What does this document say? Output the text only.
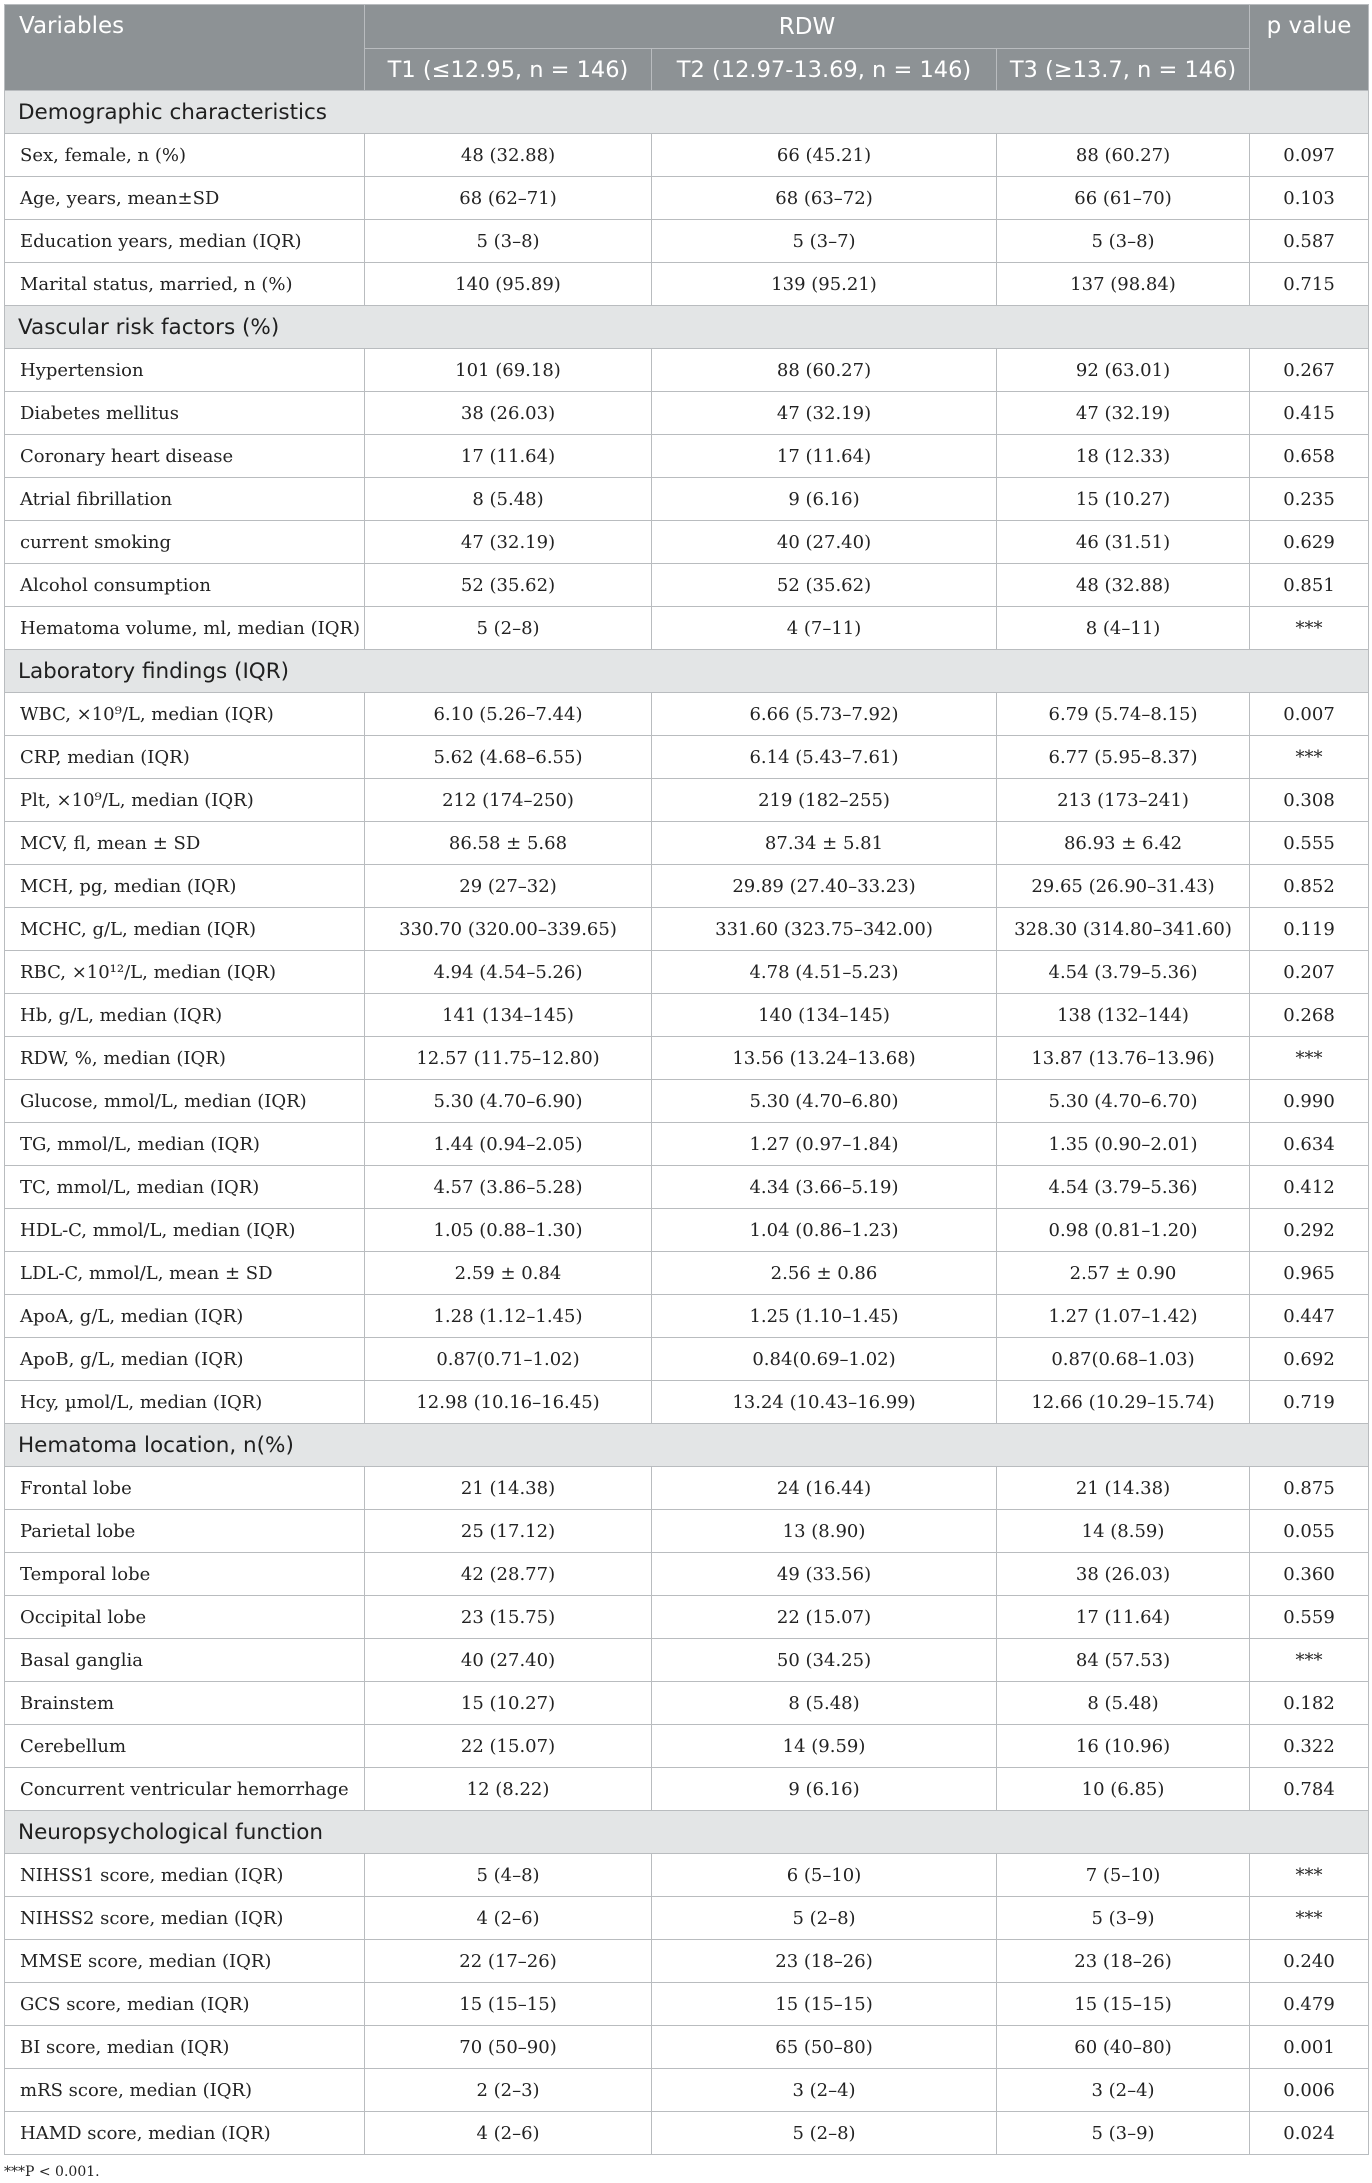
Variables	RDW			p value
	T1 (≤12.95, n = 146)	T2 (12.97-13.69, n = 146)	T3 (≥13.7, n = 146)	
Demographic characteristics				
Sex, female, n (%)	48 (32.88)	66 (45.21)	88 (60.27)	0.097
Age, years, mean±SD	68 (62–71)	68 (63–72)	66 (61–70)	0.103
Education years, median (IQR)	5 (3–8)	5 (3–7)	5 (3–8)	0.587
Marital status, married, n (%)	140 (95.89)	139 (95.21)	137 (98.84)	0.715
Vascular risk factors (%)				
Hypertension	101 (69.18)	88 (60.27)	92 (63.01)	0.267
Diabetes mellitus	38 (26.03)	47 (32.19)	47 (32.19)	0.415
Coronary heart disease	17 (11.64)	17 (11.64)	18 (12.33)	0.658
Atrial fibrillation	8 (5.48)	9 (6.16)	15 (10.27)	0.235
current smoking	47 (32.19)	40 (27.40)	46 (31.51)	0.629
Alcohol consumption	52 (35.62)	52 (35.62)	48 (32.88)	0.851
Hematoma volume, ml, median (IQR)	5 (2–8)	4 (7–11)	8 (4–11)	***
Laboratory findings (IQR)				
WBC, ×10⁹/L, median (IQR)	6.10 (5.26–7.44)	6.66 (5.73–7.92)	6.79 (5.74–8.15)	0.007
CRP, median (IQR)	5.62 (4.68–6.55)	6.14 (5.43–7.61)	6.77 (5.95–8.37)	***
Plt, ×10⁹/L, median (IQR)	212 (174–250)	219 (182–255)	213 (173–241)	0.308
MCV, fl, mean ± SD	86.58 ± 5.68	87.34 ± 5.81	86.93 ± 6.42	0.555
MCH, pg, median (IQR)	29 (27–32)	29.89 (27.40–33.23)	29.65 (26.90–31.43)	0.852
MCHC, g/L, median (IQR)	330.70 (320.00–339.65)	331.60 (323.75–342.00)	328.30 (314.80–341.60)	0.119
RBC, ×10¹²/L, median (IQR)	4.94 (4.54–5.26)	4.78 (4.51–5.23)	4.54 (3.79–5.36)	0.207
Hb, g/L, median (IQR)	141 (134–145)	140 (134–145)	138 (132–144)	0.268
RDW, %, median (IQR)	12.57 (11.75–12.80)	13.56 (13.24–13.68)	13.87 (13.76–13.96)	***
Glucose, mmol/L, median (IQR)	5.30 (4.70–6.90)	5.30 (4.70–6.80)	5.30 (4.70–6.70)	0.990
TG, mmol/L, median (IQR)	1.44 (0.94–2.05)	1.27 (0.97–1.84)	1.35 (0.90–2.01)	0.634
TC, mmol/L, median (IQR)	4.57 (3.86–5.28)	4.34 (3.66–5.19)	4.54 (3.79–5.36)	0.412
HDL-C, mmol/L, median (IQR)	1.05 (0.88–1.30)	1.04 (0.86–1.23)	0.98 (0.81–1.20)	0.292
LDL-C, mmol/L, mean ± SD	2.59 ± 0.84	2.56 ± 0.86	2.57 ± 0.90	0.965
ApoA, g/L, median (IQR)	1.28 (1.12–1.45)	1.25 (1.10–1.45)	1.27 (1.07–1.42)	0.447
ApoB, g/L, median (IQR)	0.87(0.71–1.02)	0.84(0.69–1.02)	0.87(0.68–1.03)	0.692
Hcy, µmol/L, median (IQR)	12.98 (10.16–16.45)	13.24 (10.43–16.99)	12.66 (10.29–15.74)	0.719
Hematoma location, n(%)				
Frontal lobe	21 (14.38)	24 (16.44)	21 (14.38)	0.875
Parietal lobe	25 (17.12)	13 (8.90)	14 (8.59)	0.055
Temporal lobe	42 (28.77)	49 (33.56)	38 (26.03)	0.360
Occipital lobe	23 (15.75)	22 (15.07)	17 (11.64)	0.559
Basal ganglia	40 (27.40)	50 (34.25)	84 (57.53)	***
Brainstem	15 (10.27)	8 (5.48)	8 (5.48)	0.182
Cerebellum	22 (15.07)	14 (9.59)	16 (10.96)	0.322
Concurrent ventricular hemorrhage	12 (8.22)	9 (6.16)	10 (6.85)	0.784
Neuropsychological function				
NIHSS1 score, median (IQR)	5 (4–8)	6 (5–10)	7 (5–10)	***
NIHSS2 score, median (IQR)	4 (2–6)	5 (2–8)	5 (3–9)	***
MMSE score, median (IQR)	22 (17–26)	23 (18–26)	23 (18–26)	0.240
GCS score, median (IQR)	15 (15–15)	15 (15–15)	15 (15–15)	0.479
BI score, median (IQR)	70 (50–90)	65 (50–80)	60 (40–80)	0.001
mRS score, median (IQR)	2 (2–3)	3 (2–4)	3 (2–4)	0.006
HAMD score, median (IQR)	4 (2–6)	5 (2–8)	5 (3–9)	0.024
***P < 0.001.
